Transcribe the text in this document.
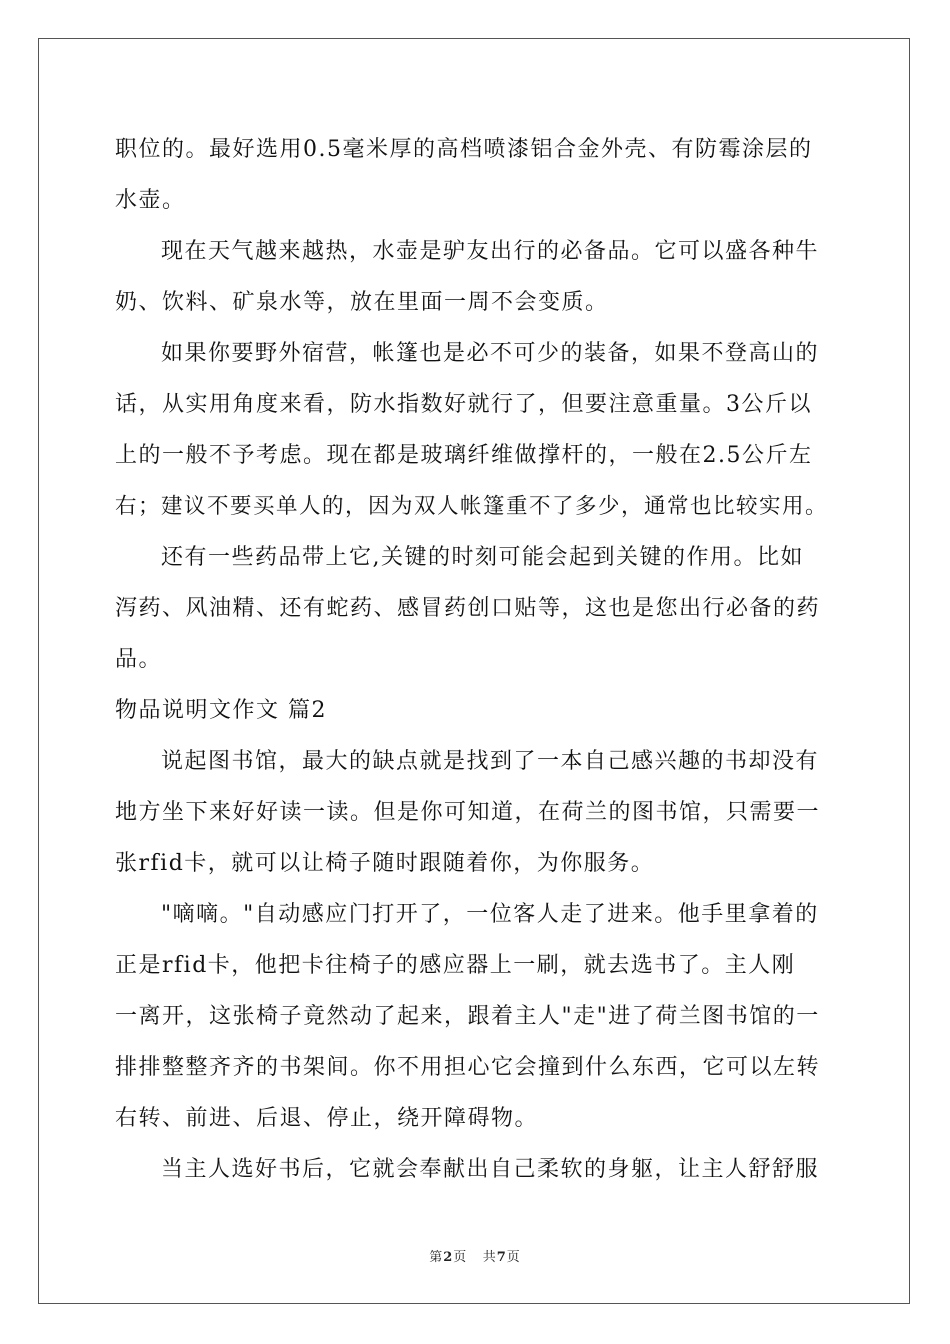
职位的。最好选用0.5毫米厚的高档喷漆铝合金外壳、有防霉涂层的
水壶。
现在天气越来越热，水壶是驴友出行的必备品。它可以盛各种牛
奶、饮料、矿泉水等，放在里面一周不会变质。
如果你要野外宿营，帐篷也是必不可少的装备，如果不登高山的
话，从实用角度来看，防水指数好就行了，但要注意重量。3公斤以
上的一般不予考虑。现在都是玻璃纤维做撑杆的，一般在2.5公斤左
右；建议不要买单人的，因为双人帐篷重不了多少，通常也比较实用。
还有一些药品带上它,关键的时刻可能会起到关键的作用。比如
泻药、风油精、还有蛇药、感冒药创口贴等，这也是您出行必备的药
品。
物品说明文作文 篇2
说起图书馆，最大的缺点就是找到了一本自己感兴趣的书却没有
地方坐下来好好读一读。但是你可知道，在荷兰的图书馆，只需要一
张rfid卡，就可以让椅子随时跟随着你，为你服务。
"嘀嘀。"自动感应门打开了，一位客人走了进来。他手里拿着的
正是rfid卡，他把卡往椅子的感应器上一刷，就去选书了。主人刚
一离开，这张椅子竟然动了起来，跟着主人"走"进了荷兰图书馆的一
排排整整齐齐的书架间。你不用担心它会撞到什么东西，它可以左转
右转、前进、后退、停止，绕开障碍物。
当主人选好书后，它就会奉献出自己柔软的身躯，让主人舒舒服
第2页 共7页
